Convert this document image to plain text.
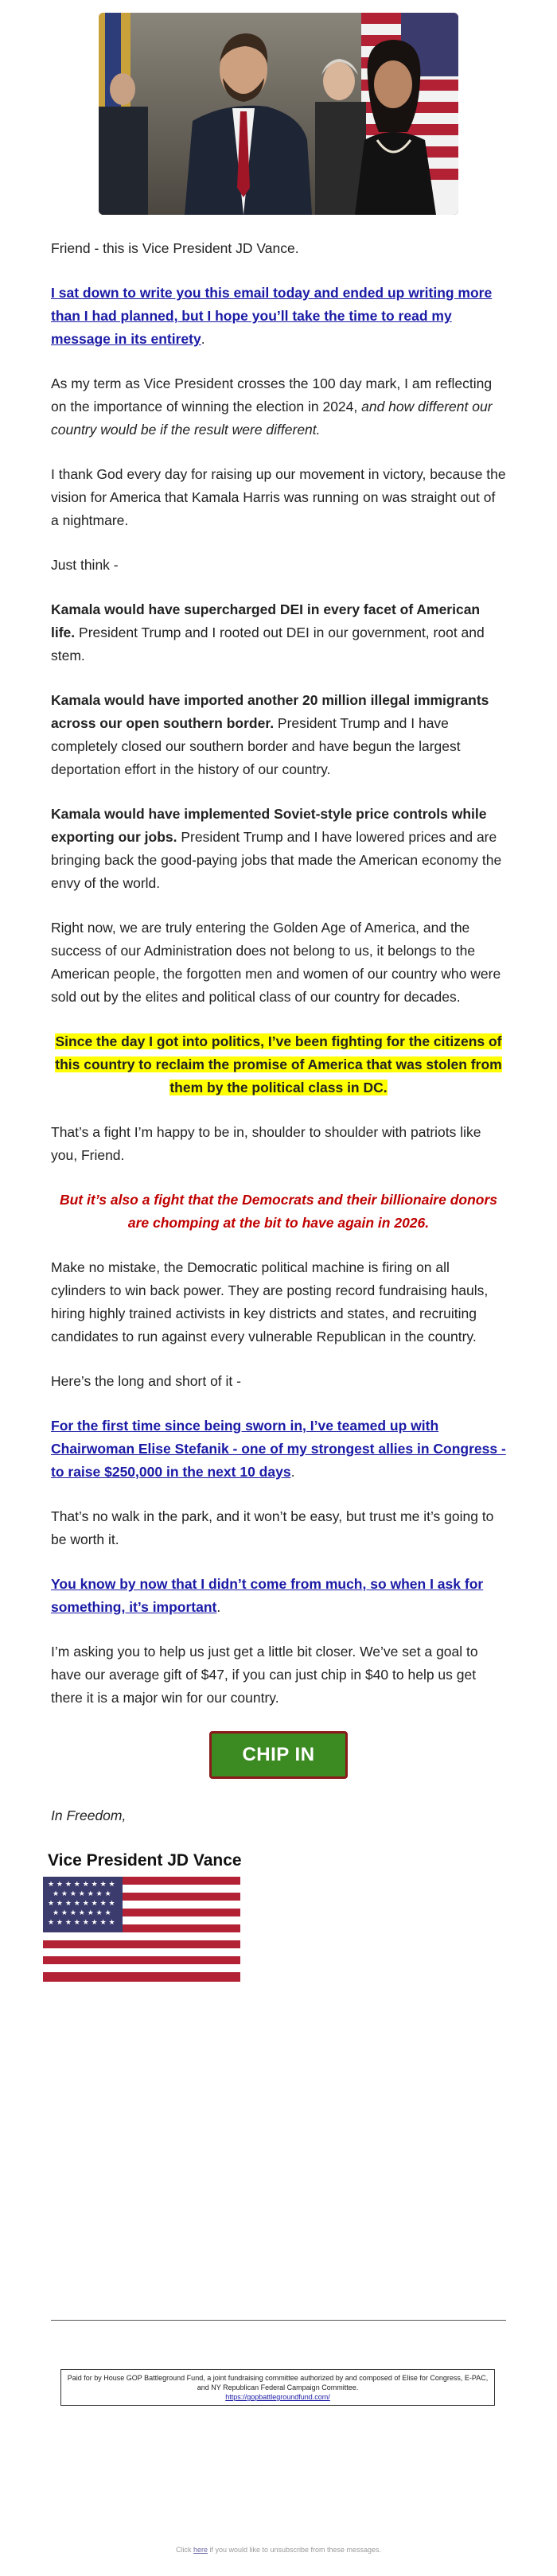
Friend - this is Vice President JD Vance.

I sat down to write you this email today and ended up writing more than I had planned, but I hope you’ll take the time to read my message in its entirety.

As my term as Vice President crosses the 100 day mark, I am reflecting on the importance of winning the election in 2024, and how different our country would be if the result were different.

I thank God every day for raising up our movement in victory, because the vision for America that Kamala Harris was running on was straight out of a nightmare.

Just think -

Kamala would have supercharged DEI in every facet of American life. President Trump and I rooted out DEI in our government, root and stem.

Kamala would have imported another 20 million illegal immigrants across our open southern border. President Trump and I have completely closed our southern border and have begun the largest deportation effort in the history of our country.

Kamala would have implemented Soviet-style price controls while exporting our jobs. President Trump and I have lowered prices and are bringing back the good-paying jobs that made the American economy the envy of the world.

Right now, we are truly entering the Golden Age of America, and the success of our Administration does not belong to us, it belongs to the American people, the forgotten men and women of our country who were sold out by the elites and political class of our country for decades.

Since the day I got into politics, I’ve been fighting for the citizens of this country to reclaim the promise of America that was stolen from them by the political class in DC.

That’s a fight I’m happy to be in, shoulder to shoulder with patriots like you, Friend.

But it’s also a fight that the Democrats and their billionaire donors are chomping at the bit to have again in 2026.

Make no mistake, the Democratic political machine is firing on all cylinders to win back power. They are posting record fundraising hauls, hiring highly trained activists in key districts and states, and recruiting candidates to run against every vulnerable Republican in the country.

Here’s the long and short of it -

For the first time since being sworn in, I’ve teamed up with Chairwoman Elise Stefanik - one of my strongest allies in Congress - to raise $250,000 in the next 10 days.

That’s no walk in the park, and it won’t be easy, but trust me it’s going to be worth it.

You know by now that I didn’t come from much, so when I ask for something, it’s important.

I’m asking you to help us just get a little bit closer. We’ve set a goal to have our average gift of $47, if you can just chip in $40 to help us get there it is a major win for our country.

CHIP IN

In Freedom,

Vice President JD Vance
★ ★ ★ ★ ★ ★ ★ ★
★ ★ ★ ★ ★ ★ ★
★ ★ ★ ★ ★ ★ ★ ★
★ ★ ★ ★ ★ ★ ★
★ ★ ★ ★ ★ ★ ★ ★
Paid for by House GOP Battleground Fund, a joint fundraising committee authorized by and composed of Elise for Congress, E-PAC, and NY Republican Federal Campaign Committee.
https://gopbattlegroundfund.com/
Click here if you would like to unsubscribe from these messages.
